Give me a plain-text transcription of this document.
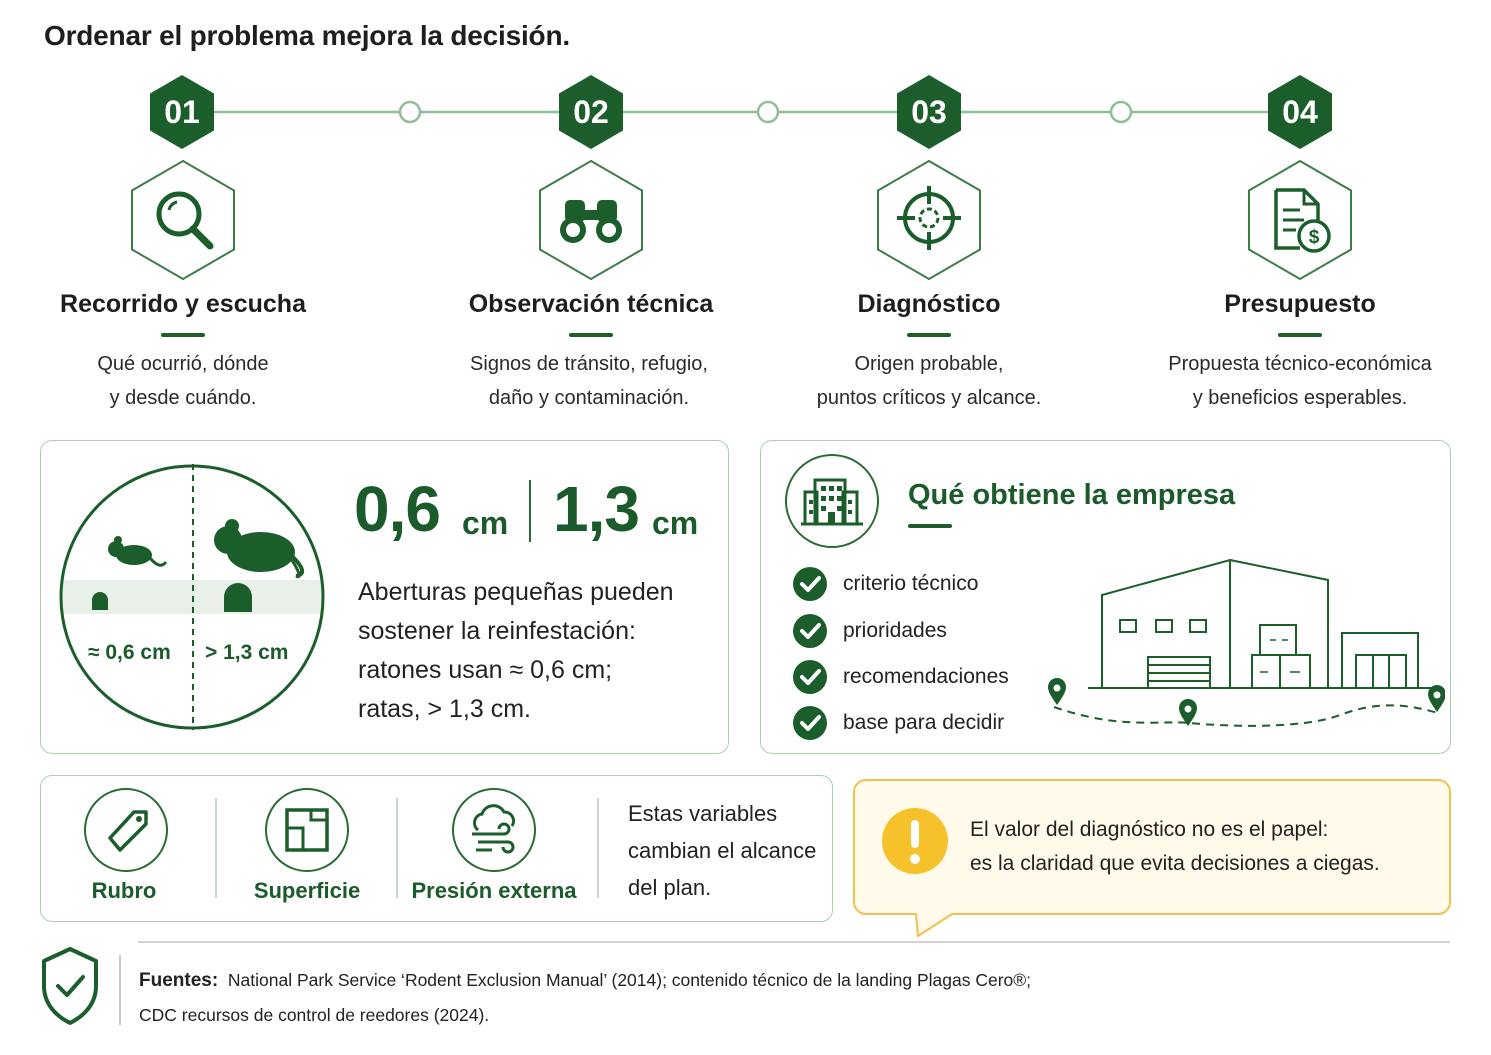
Ordenar el problema mejora la decisión.
01
Recorrido y escucha
Qué ocurrió, dónde
y desde cuándo.
02
Observación técnica
Signos de tránsito, refugio,
daño y contaminación.
03
Diagnóstico
Origen probable,
puntos críticos y alcance.
04
$
Presupuesto
Propuesta técnico-económica
y beneficios esperables.
≈ 0,6 cm > 1,3 cm
0,6 cm 1,3 cm
Aberturas pequeñas pueden
sostener la reinfestación:
ratones usan ≈ 0,6 cm;
ratas, > 1,3 cm.
Qué obtiene la empresa
criterio técnico
prioridades
recomendaciones
base para decidir
Rubro	Superficie	Presión externa
Estas variables
cambian el alcance
del plan.
El valor del diagnóstico no es el papel:
es la claridad que evita decisiones a ciegas.
Fuentes: National Park Service ‘Rodent Exclusion Manual’ (2014); contenido técnico de la landing Plagas Cero®;
CDC recursos de control de reedores (2024).
